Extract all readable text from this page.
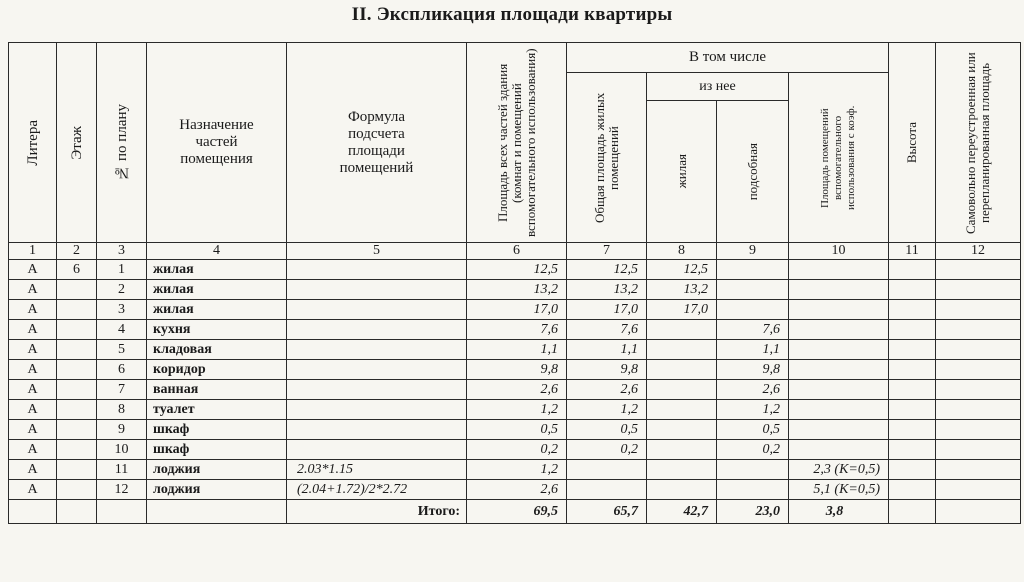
II. Экспликация площади квартиры
Литера	Этаж	№ по плану	Назначение частей помещения	Формула подсчета площади помещений	Площадь всех частей здания (комнат и помещений вспомогательного использования)	В том числе				Высота	Самовольно переустроенная или перепланированная площадь

						Общая площадь жилых помещений	из нее		Площадь помещений вспомогательного использования с коэф.		

							жилая	подсобная			

1	2	3	4	5	6	7	8	9	10	11	12
А	6	1	жилая		12,5	12,5	12,5				
А		2	жилая		13,2	13,2	13,2				
А		3	жилая		17,0	17,0	17,0				
А		4	кухня		7,6	7,6		7,6			
А		5	кладовая		1,1	1,1		1,1			
А		6	коридор		9,8	9,8		9,8			
А		7	ванная		2,6	2,6		2,6			
А		8	туалет		1,2	1,2		1,2			
А		9	шкаф		0,5	0,5		0,5			
А		10	шкаф		0,2	0,2		0,2			
А		11	лоджия	2.03*1.15	1,2				2,3 (K=0,5)		
А		12	лоджия	(2.04+1.72)/2*2.72	2,6				5,1 (K=0,5)		
				Итого:	69,5	65,7	42,7	23,0	3,8		
